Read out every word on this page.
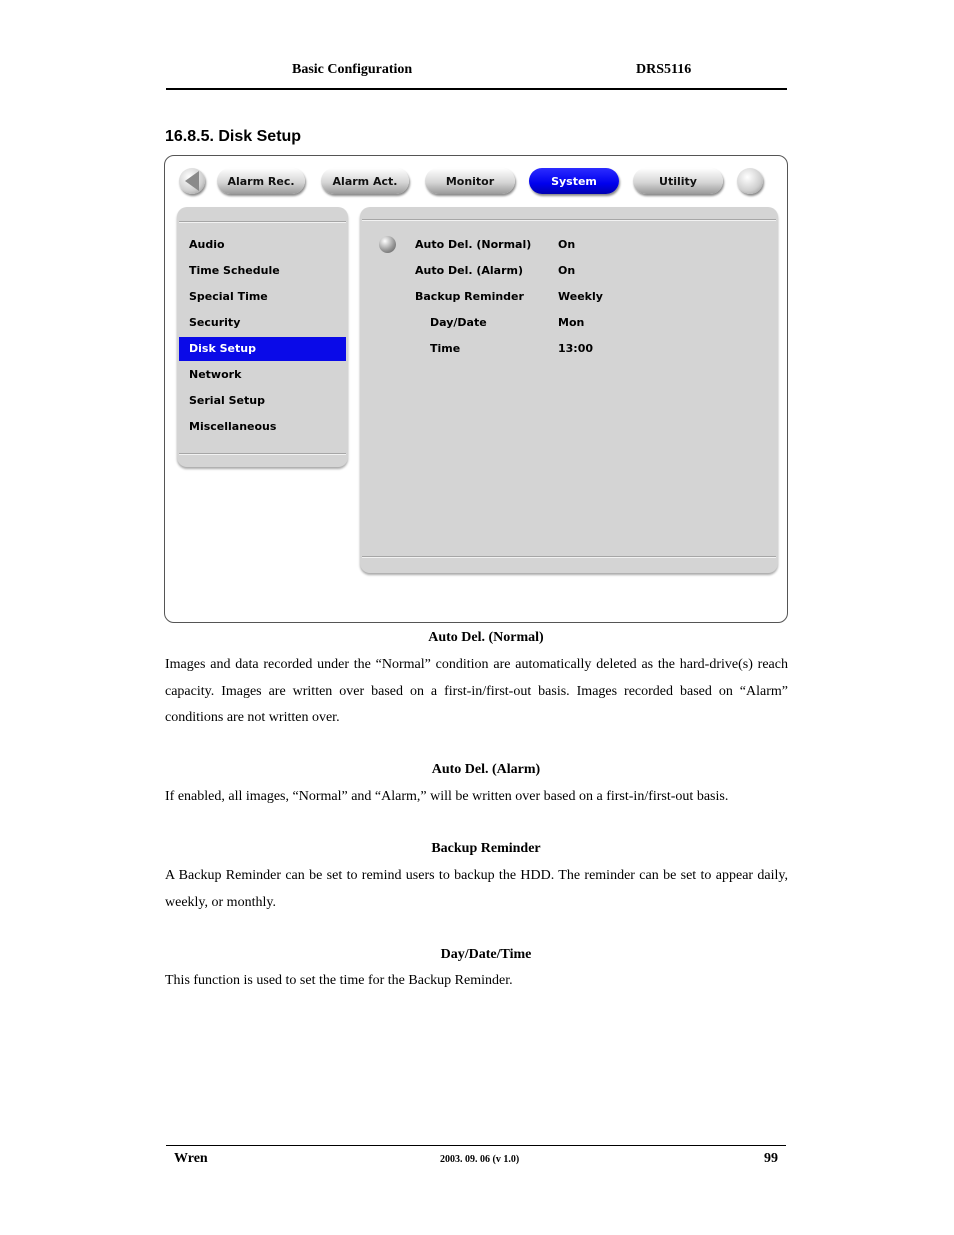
Basic Configuration	DRS5116
16.8.5. Disk Setup
Alarm Rec.	Alarm Act.	Monitor	System	Utility
Audio
Time Schedule
Special Time
Security
Disk Setup
Network
Serial Setup
Miscellaneous
Auto Del. (Normal) On
Auto Del. (Alarm)	On
Backup Reminder	Weekly
Day/Date	Mon
Time	13:00
Auto Del. (Normal)
Images and data recorded under the “Normal” condition are automatically deleted as the hard-drive(s) reach capacity. Images are written over based on a first-in/first-out basis. Images recorded based on “Alarm” conditions are not written over.
Auto Del. (Alarm)
If enabled, all images, “Normal” and “Alarm,” will be written over based on a first-in/first-out basis.
Backup Reminder
A Backup Reminder can be set to remind users to backup the HDD. The reminder can be set to appear daily, weekly, or monthly.
Day/Date/Time
This function is used to set the time for the Backup Reminder.
Wren	2003. 09. 06 (v 1.0)	99
